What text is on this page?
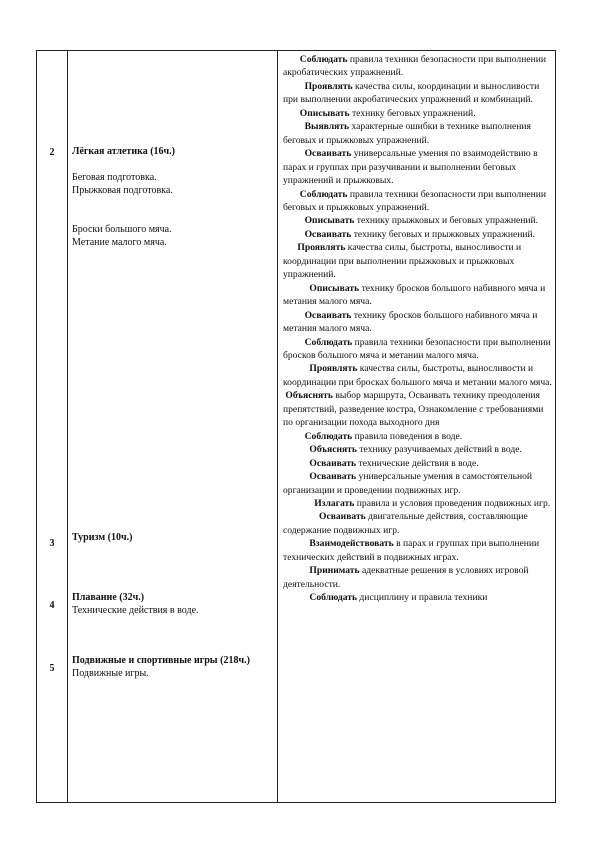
2	Лёгкая атлетика (16ч.)
Беговая подготовка.
Прыжковая подготовка.
Броски большого мяча.
Метание малого мяча.
3
Туризм (10ч.)
4
Плавание (32ч.)
Технические действия в воде.
5
Подвижные и спортивные игры (218ч.)
Подвижные игры.

Соблюдать правила техники безопасности при выполнении акробатических упражнений.

Проявлять качества силы, координации и выносливости при выполнении акробатических упражнений и комбинаций.

Описывать технику беговых упражнений.

Выявлять характерные ошибки в технике выполнения беговых и прыжковых упражнений.

Осваивать универсальные умения по взаимодействию в парах и группах при разучивании и выполнении беговых упражнений и прыжковых.

Соблюдать правила техники безопасности при выполнении беговых и прыжковых упражнений.

Описывать технику прыжковых и беговых упражнений.

Осваивать технику беговых и прыжковых упражнений.

Проявлять качества силы, быстроты, выносливости и координации при выполнении прыжковых и прыжковых упражнений.

Описывать технику бросков большого набивного мяча и метания малого мяча.

Осваивать технику бросков большого набивного мяча и метания малого мяча.

Соблюдать правила техники безопасности при выполнении бросков большого мяча и метании малого мяча.

Проявлять качества силы, быстроты, выносливости и координации при бросках большого мяча и метании малого мяча.

Объяснять выбор маршрута, Осваивать технику преодоления препятствий, разведение костра, Ознакомление с требованиями по организации похода выходного дня

Соблюдать правила поведения в воде.

Объяснять технику разучиваемых действий в воде.

Осваивать технические действия в воде.

Осваивать универсальные умения в самостоятельной организации и проведении подвижных игр.

Излагать правила и условия проведения подвижных игр.

Осваивать двигательные действия, составляющие содержание подвижных игр.

Взаимодействовать в парах и группах при выполнении технических действий в подвижных играх.

Принимать адекватные решения в условиях игровой деятельности.

Соблюдать дисциплину и правила техники
